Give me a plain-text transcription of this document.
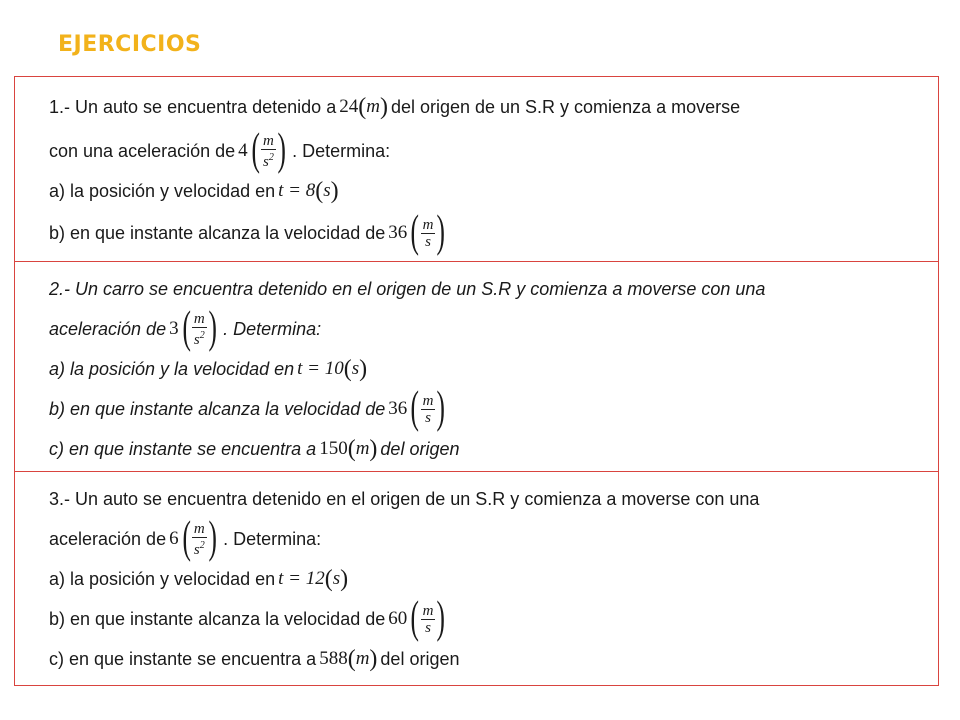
EJERCICIOS
1.- Un auto se encuentra detenido a 24 ( m ) del origen de un S.R y comienza a moverse
con una aceleración de 4 ( $\frac{m}{s^2}$ ) . Determina:
a) la posición y velocidad en t = 8 ( s )
b) en que instante alcanza la velocidad de 36 ( $\frac{m}{s}$ )
2.- Un carro se encuentra detenido en el origen de un S.R y comienza a moverse con una
aceleración de 3 ( $\frac{m}{s^2}$ ) . Determina:
a) la posición y la velocidad en t = 10 ( s )
b) en que instante alcanza la velocidad de 36 ( $\frac{m}{s}$ )
c) en que instante se encuentra a 150 ( m ) del origen
3.- Un auto se encuentra detenido en el origen de un S.R y comienza a moverse con una
aceleración de 6 ( $\frac{m}{s^2}$ ) . Determina:
a) la posición y velocidad en t = 12 ( s )
b) en que instante alcanza la velocidad de 60 ( $\frac{m}{s}$ )
c) en que instante se encuentra a 588 ( m ) del origen
